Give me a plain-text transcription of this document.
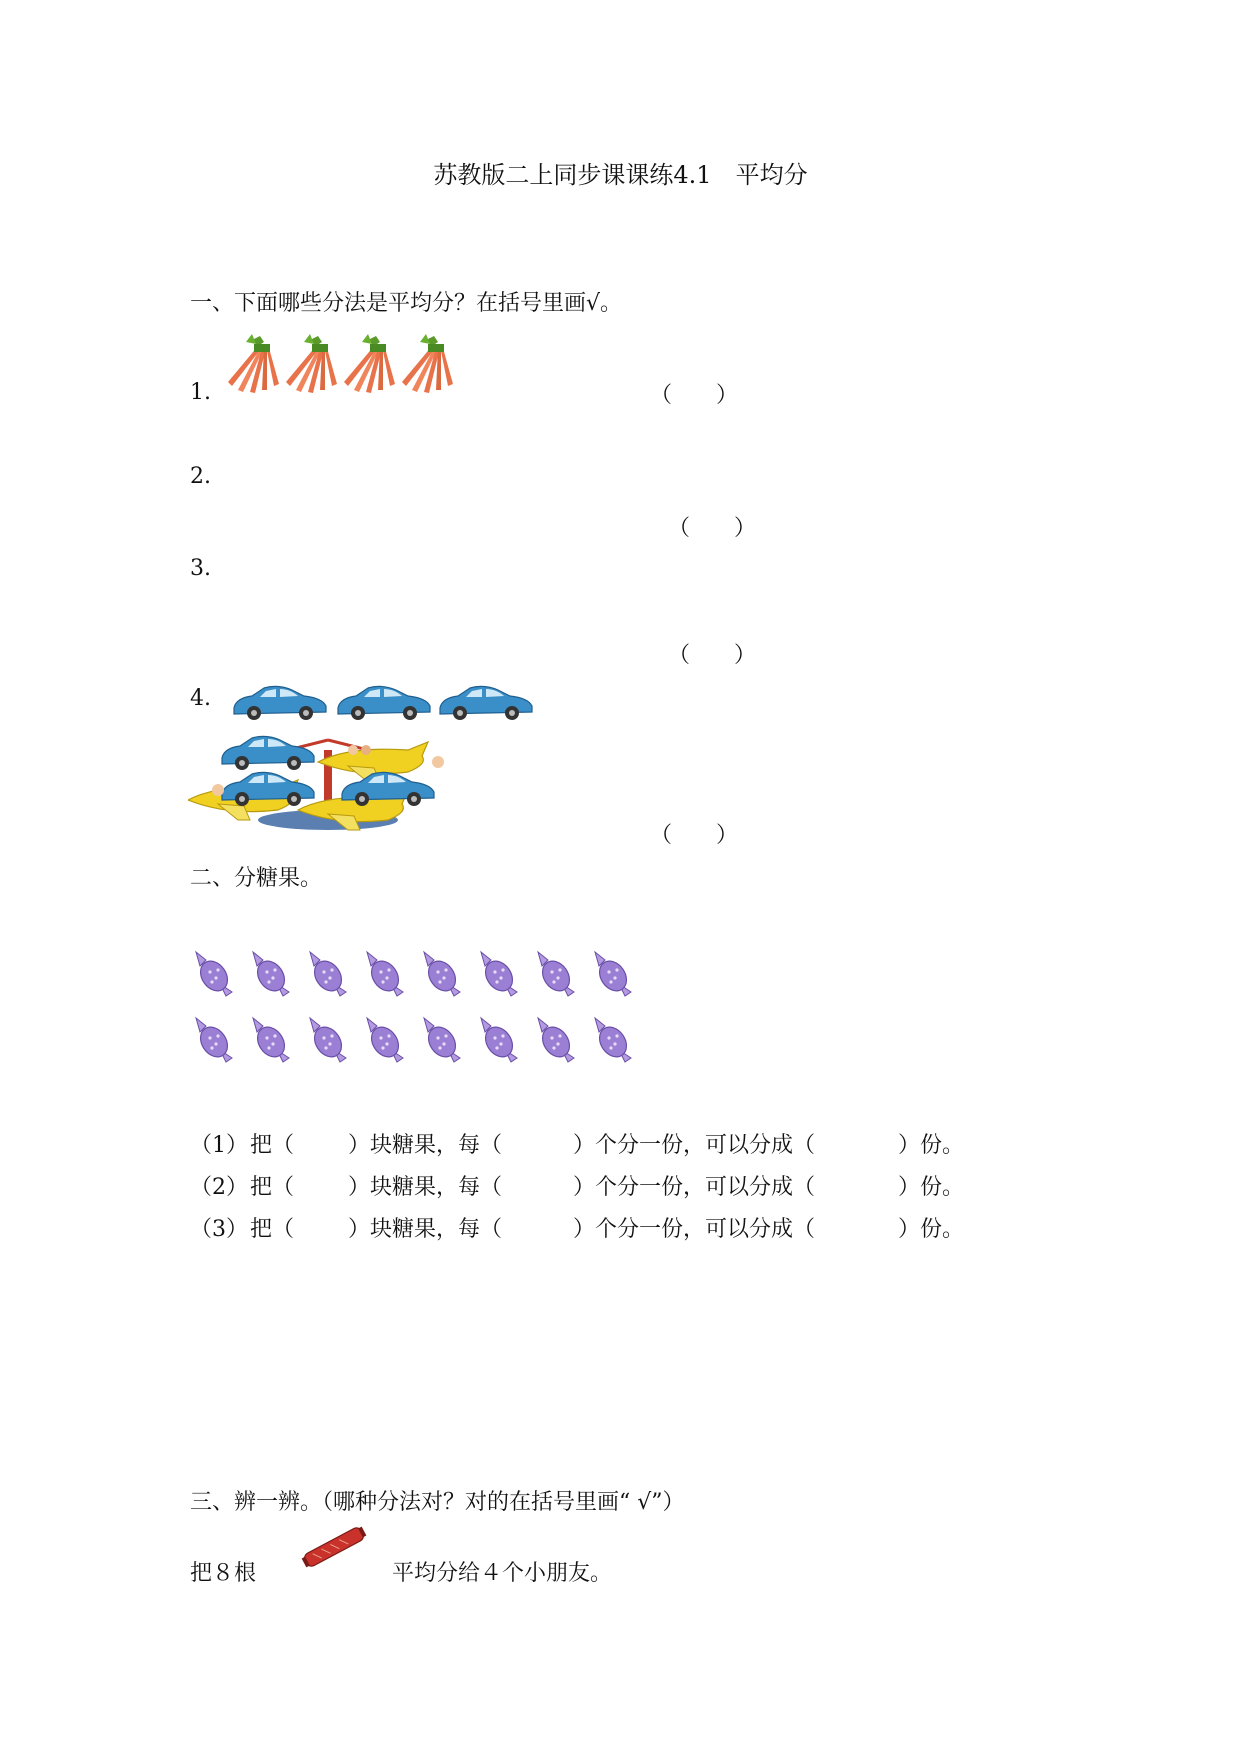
苏教版二上同步课课练4.1　平均分
一、下面哪些分法是平均分？在括号里画√。
1.	（　　）
2.
（　　）
3.
（　　）
4.
（　　）
二、分糖果。

（1）

把（

）块糖果，每（

	）个分一份，可以分成（

	）份。

（2）

把（

）块糖果，每（

	）个分一份，可以分成（

	）份。

（3）

把（

）块糖果，每（

	）个分一份，可以分成（

	）份。

三、辨一辨。（哪种分法对？对的在括号里画“ √”）
把８根	平均分给４个小朋友。
